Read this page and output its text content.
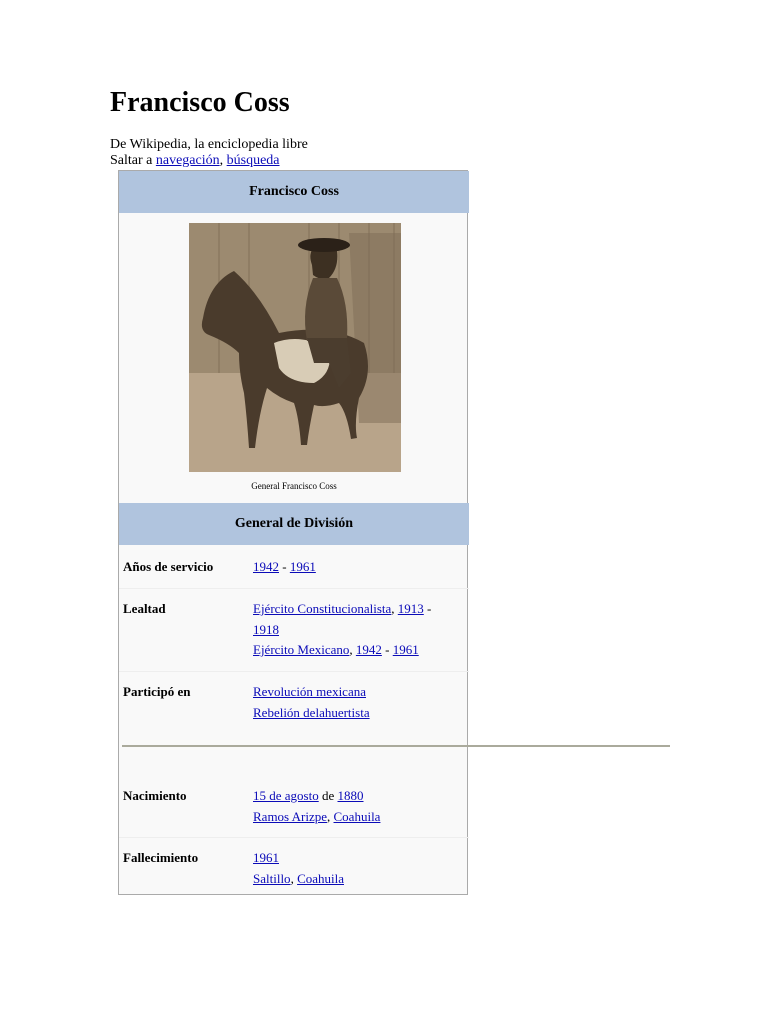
Francisco Coss
De Wikipedia, la enciclopedia libre
Saltar a navegación, búsqueda
Francisco Coss
General Francisco Coss
General de División
Años de servicio	1942 - 1961
Lealtad	Ejército Constitucionalista, 1913 -
1918
Ejército Mexicano, 1942 - 1961
Participó en	Revolución mexicana
Rebelión delahuertista
Nacimiento	15 de agosto de 1880
Ramos Arizpe, Coahuila
Fallecimiento	1961
Saltillo, Coahuila
